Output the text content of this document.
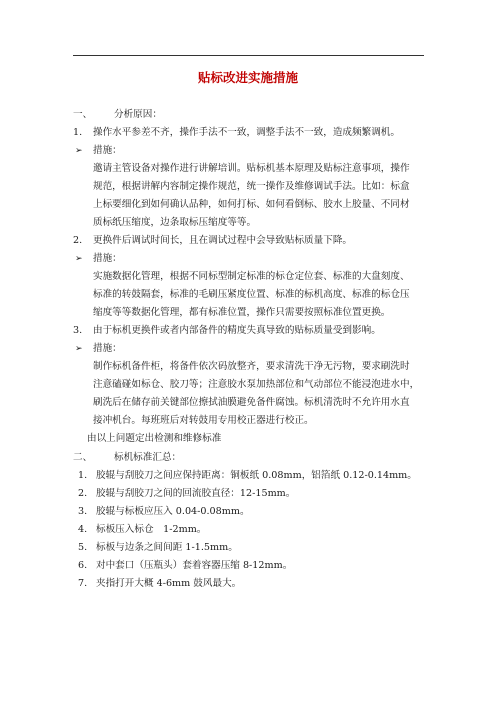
贴标改进实施措施
一、 分析原因：
1. 操作水平参差不齐，操作手法不一致，调整手法不一致，造成频繁调机。
➢ 措施：
邀请主管设备对操作进行讲解培训。贴标机基本原理及贴标注意事项，操作
规范，根据讲解内容制定操作规范，统一操作及维修调试手法。比如：标盒
上标要细化到如何确认品种，如何打标、如何看倒标、胶水上胶量、不同材
质标纸压缩度，边条取标压缩度等等。
2. 更换件后调试时间长，且在调试过程中会导致贴标质量下降。
➢ 措施：
实施数据化管理，根据不同标型制定标准的标仓定位套、标准的大盘刻度、
标准的转鼓隔套，标准的毛刷压紧度位置、标准的标机高度、标准的标仓压
缩度等等数据化管理，都有标准位置，操作只需要按照标准位置更换。
3. 由于标机更换件或者内部备件的精度失真导致的贴标质量受到影响。
➢ 措施：
制作标机备件柜，将备件依次码放整齐，要求清洗干净无污物，要求刷洗时
注意磕碰如标仓、胶刀等；注意胶水泵加热部位和气动部位不能浸泡进水中，
刷洗后在储存前关键部位擦拭油膜避免备件腐蚀。标机清洗时不允许用水直
接冲机台。每班班后对转鼓用专用校正器进行校正。
由以上问题定出检测和维修标准
二、 标机标准汇总：
1. 胶辊与刮胶刀之间应保持距离：铜板纸 0.08mm，铝箔纸 0.12-0.14mm。
2. 胶辊与刮胶刀之间的回流胶直径：12-15mm。
3. 胶辊与标板应压入 0.04-0.08mm。
4. 标板压入标仓　1-2mm。
5. 标板与边条之间间距 1-1.5mm。
6. 对中套口（压瓶头）套着容器压缩 8-12mm。
7. 夹指打开大概 4-6mm 鼓风最大。
